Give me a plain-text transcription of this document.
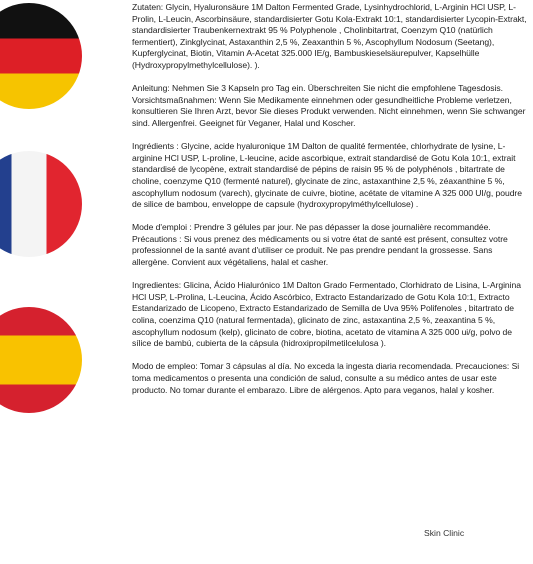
Zutaten: Glycin, Hyaluronsäure 1M Dalton Fermented Grade, Lysinhydrochlorid, L-Arginin HCl USP, L-Prolin, L-Leucin, Ascorbinsäure, standardisierter Gotu Kola-Extrakt 10:1, standardisierter Lycopin-Extrakt, standardisierter Traubenkernextrakt 95 % Polyphenole , Cholinbitartrat, Coenzym Q10 (natürlich fermentiert), Zinkglycinat, Astaxanthin 2,5 %, Zeaxanthin 5 %, Ascophyllum Nodosum (Seetang), Kupferglycinat, Biotin, Vitamin A-Acetat 325.000 IE/g, Bambuskieselsäurepulver, Kapselhülle (Hydroxypropylmethylcellulose). ).

Anleitung: Nehmen Sie 3 Kapseln pro Tag ein. Überschreiten Sie nicht die empfohlene Tagesdosis. Vorsichtsmaßnahmen: Wenn Sie Medikamente einnehmen oder gesundheitliche Probleme verletzen, konsultieren Sie Ihren Arzt, bevor Sie dieses Produkt verwenden. Nicht einnehmen, wenn Sie schwanger sind. Allergenfrei. Geeignet für Veganer, Halal und Koscher.

Ingrédients : Glycine, acide hyaluronique 1M Dalton de qualité fermentée, chlorhydrate de lysine, L-arginine HCl USP, L-proline, L-leucine, acide ascorbique, extrait standardisé de Gotu Kola 10:1, extrait standardisé de lycopène, extrait standardisé de pépins de raisin 95 % de polyphénols , bitartrate de choline, coenzyme Q10 (fermenté naturel), glycinate de zinc, astaxanthine 2,5 %, zéaxanthine 5 %, ascophyllum nodosum (varech), glycinate de cuivre, biotine, acétate de vitamine A 325 000 UI/g, poudre de silice de bambou, enveloppe de capsule (hydroxypropylméthylcellulose) .

Mode d'emploi : Prendre 3 gélules par jour. Ne pas dépasser la dose journalière recommandée. Précautions : Si vous prenez des médicaments ou si votre état de santé est présent, consultez votre professionnel de la santé avant d'utiliser ce produit. Ne pas prendre pendant la grossesse. Sans allergène. Convient aux végétaliens, halal et casher.

Ingredientes: Glicina, Ácido Hialurónico 1M Dalton Grado Fermentado, Clorhidrato de Lisina, L-Arginina HCl USP, L-Prolina, L-Leucina, Ácido Ascórbico, Extracto Estandarizado de Gotu Kola 10:1, Extracto Estandarizado de Licopeno, Extracto Estandarizado de Semilla de Uva 95% Polifenoles , bitartrato de colina, coenzima Q10 (natural fermentada), glicinato de zinc, astaxantina 2,5 %, zeaxantina 5 %, ascophyllum nodosum (kelp), glicinato de cobre, biotina, acetato de vitamina A 325 000 ui/g, polvo de sílice de bambú, cubierta de la cápsula (hidroxipropilmetilcelulosa ).

Modo de empleo: Tomar 3 cápsulas al día. No exceda la ingesta diaria recomendada. Precauciones: Si toma medicamentos o presenta una condición de salud, consulte a su médico antes de usar este producto. No tomar durante el embarazo. Libre de alérgenos. Apto para veganos, halal y kosher.

Skin Clinic
